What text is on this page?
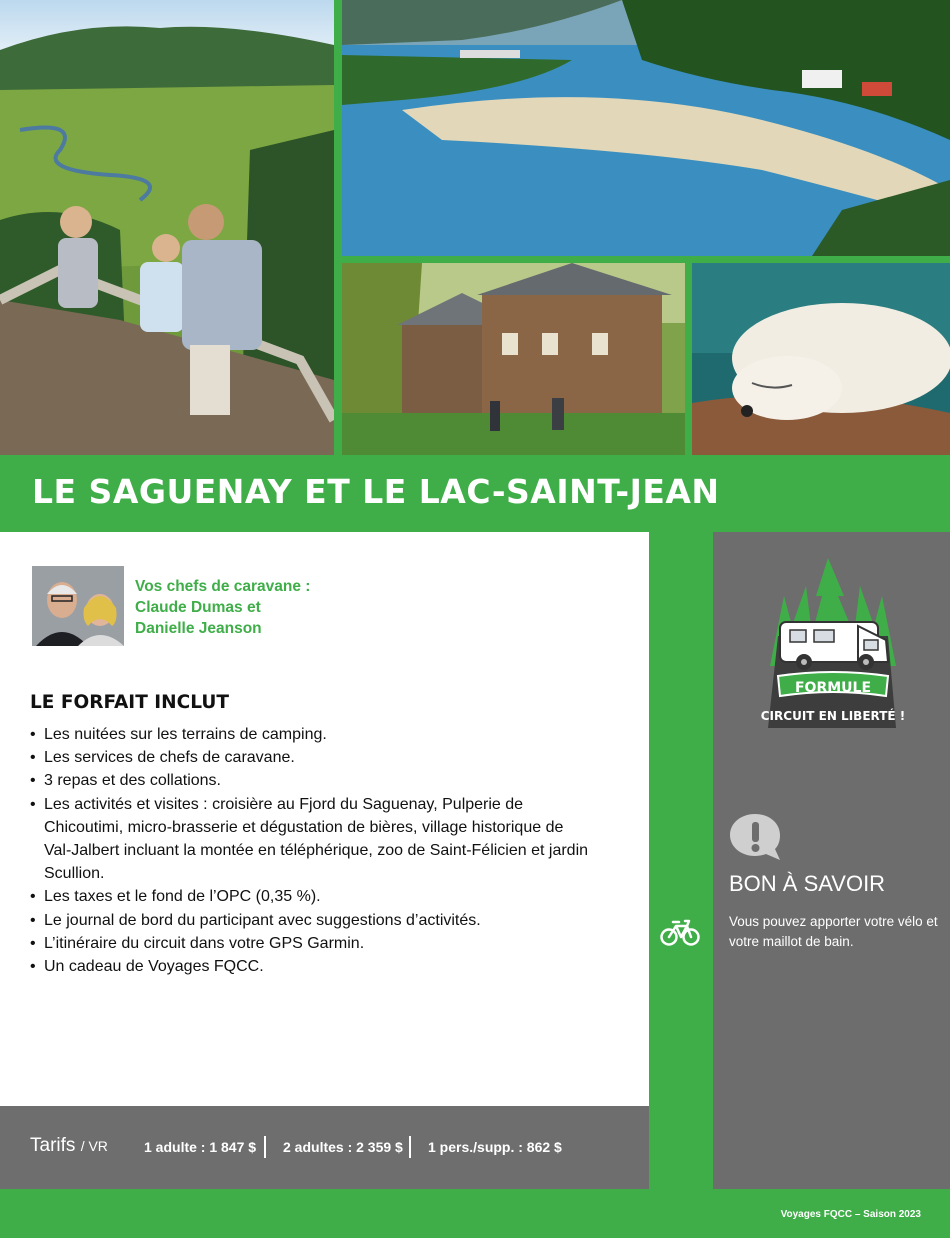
LE SAGUENAY ET LE LAC-SAINT-JEAN
Vos chefs de caravane :
Claude Dumas et
Danielle Jeanson
LE FORFAIT INCLUT
• Les nuitées sur les terrains de camping.
• Les services de chefs de caravane.
• 3 repas et des collations.
• Les activités et visites : croisière au Fjord du Saguenay, Pulperie de Chicoutimi, micro-brasserie et dégustation de bières, village historique de Val-Jalbert incluant la montée en téléphérique, zoo de Saint-Félicien et jardin Scullion.
• Les taxes et le fond de l’OPC (0,35 %).
• Le journal de bord du participant avec suggestions d’activités.
• L’itinéraire du circuit dans votre GPS Garmin.
• Un cadeau de Voyages FQCC.
Tarifs / VR	1 adulte : 1 847 $ 2 adultes : 2 359 $ 1 pers./supp. : 862 $
FORMULE
CIRCUIT EN LIBERTÉ !
BON À SAVOIR
Vous pouvez apporter votre vélo et votre maillot de bain.
Voyages FQCC – Saison 2023
